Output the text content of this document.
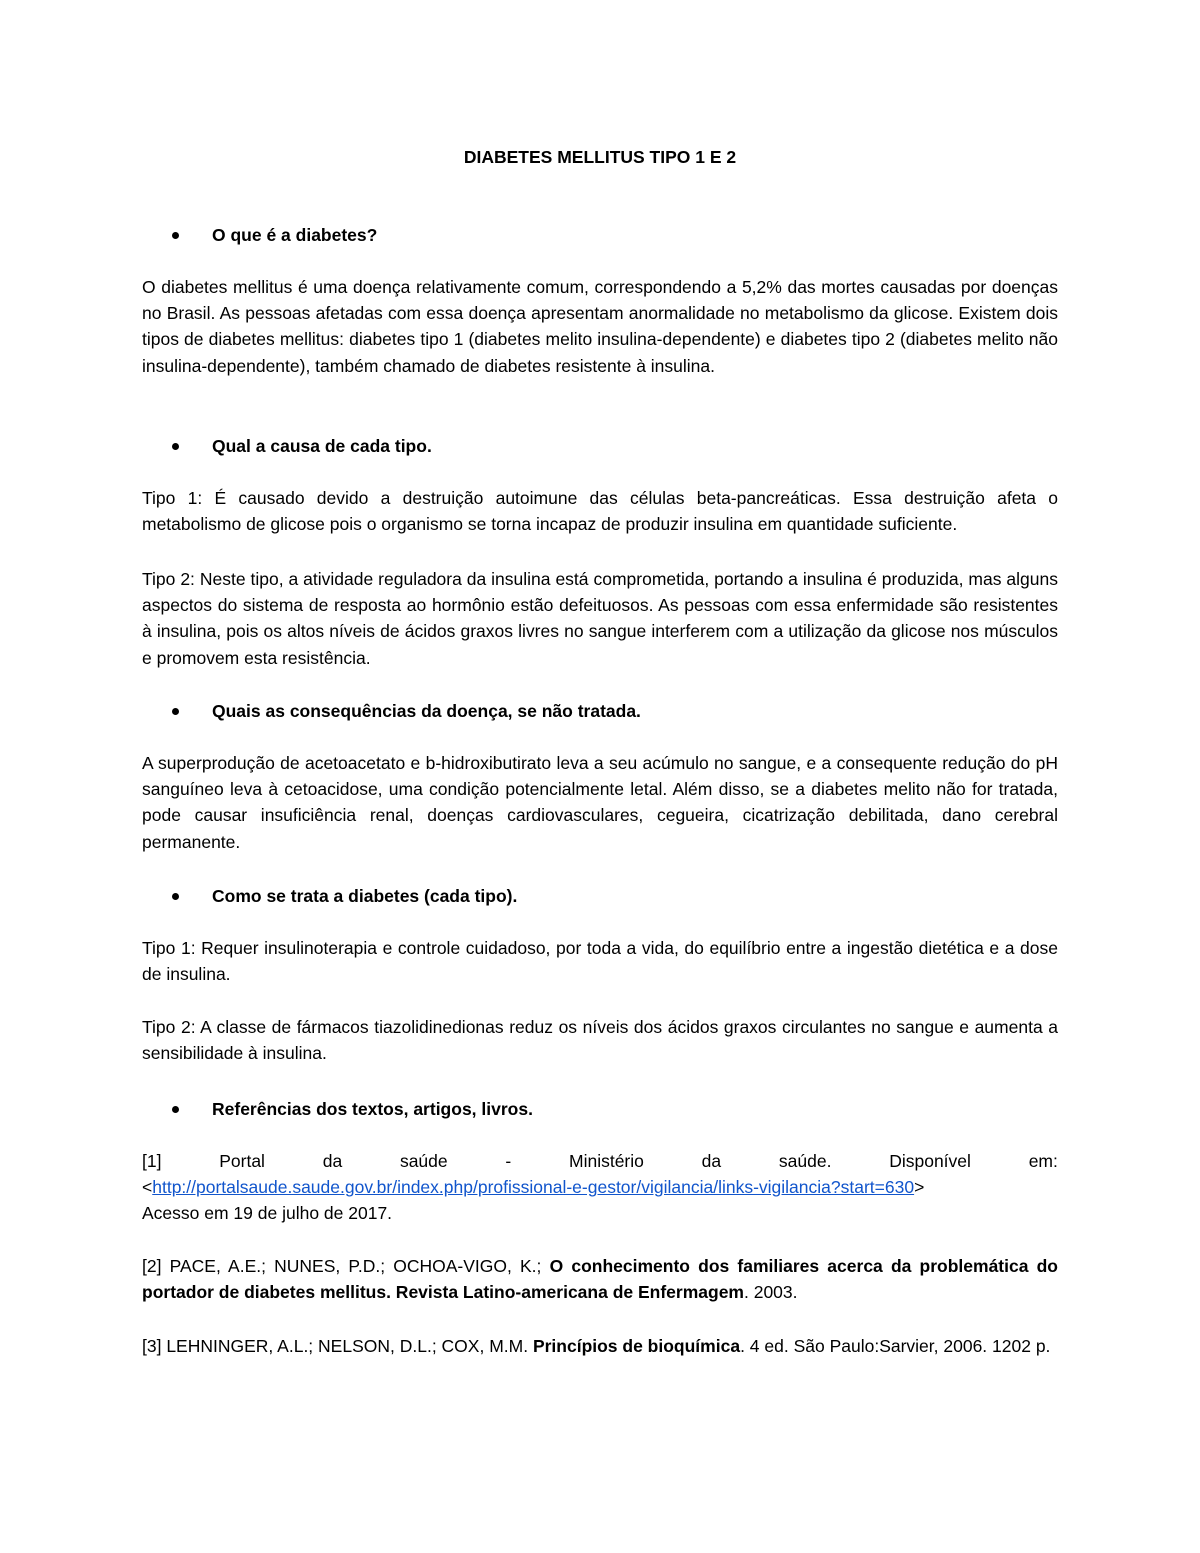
DIABETES MELLITUS TIPO 1 E 2
O que é a diabetes?

O diabetes mellitus é uma doença relativamente comum, correspondendo a 5,2% das mortes causadas por doenças no Brasil. As pessoas afetadas com essa doença apresentam anormalidade no metabolismo da glicose. Existem dois tipos de diabetes mellitus: diabetes tipo 1 (diabetes melito insulina-dependente) e diabetes tipo 2 (diabetes melito não insulina-dependente), também chamado de diabetes resistente à insulina.

Qual a causa de cada tipo.

Tipo 1: É causado devido a destruição autoimune das células beta-pancreáticas. Essa destruição afeta o metabolismo de glicose pois o organismo se torna incapaz de produzir insulina em quantidade suficiente.

Tipo 2: Neste tipo, a atividade reguladora da insulina está comprometida, portando a insulina é produzida, mas alguns aspectos do sistema de resposta ao hormônio estão defeituosos. As pessoas com essa enfermidade são resistentes à insulina, pois os altos níveis de ácidos graxos livres no sangue interferem com a utilização da glicose nos músculos e promovem esta resistência.

Quais as consequências da doença, se não tratada.

A superprodução de acetoacetato e b-hidroxibutirato leva a seu acúmulo no sangue, e a consequente redução do pH sanguíneo leva à cetoacidose, uma condição potencialmente letal. Além disso, se a diabetes melito não for tratada, pode causar insuficiência renal, doenças cardiovasculares, cegueira, cicatrização debilitada, dano cerebral permanente.

Como se trata a diabetes (cada tipo).

Tipo 1: Requer insulinoterapia e controle cuidadoso, por toda a vida, do equilíbrio entre a ingestão dietética e a dose de insulina.

Tipo 2: A classe de fármacos tiazolidinedionas reduz os níveis dos ácidos graxos circulantes no sangue e aumenta a sensibilidade à insulina.

Referências dos textos, artigos, livros.
[1]	Portal	da	saúde	-	Ministério	da	saúde.	Disponível	em:
<http://portalsaude.saude.gov.br/index.php/profissional-e-gestor/vigilancia/links-vigilancia?start=630>
Acesso em 19 de julho de 2017.

[2] PACE, A.E.; NUNES, P.D.; OCHOA-VIGO, K.; O conhecimento dos familiares acerca da problemática do portador de diabetes mellitus. Revista Latino-americana de Enfermagem. 2003.

[3] LEHNINGER, A.L.; NELSON, D.L.; COX, M.M. Princípios de bioquímica. 4 ed. São Paulo:Sarvier, 2006. 1202 p.
